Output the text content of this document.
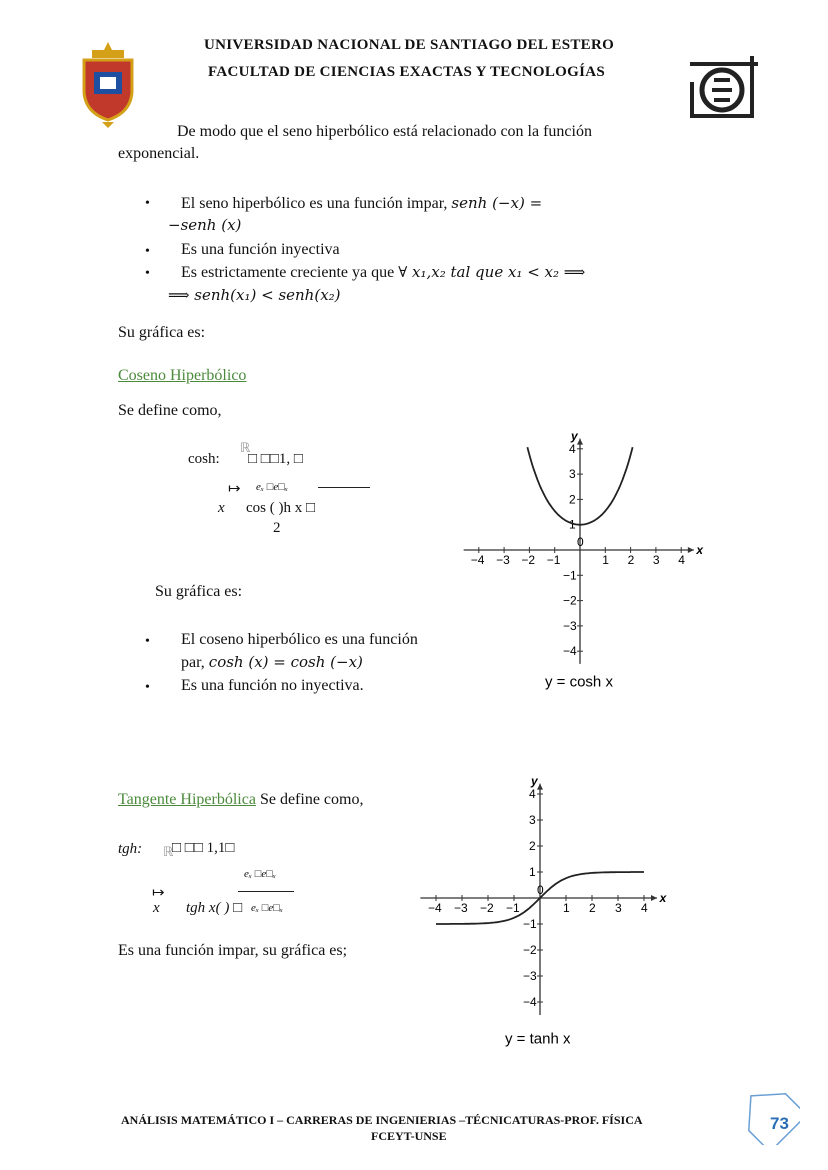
UNIVERSIDAD NACIONAL DE SANTIAGO DEL ESTERO
FACULTAD DE CIENCIAS EXACTAS Y TECNOLOGÍAS
De modo que el seno hiperbólico está relacionado con la función
exponencial.
• El seno hiperbólico es una función impar, senh (−x) =
−senh (x)
• Es una función inyectiva
• Es estrictamente creciente ya que ∀ x₁,x₂ tal que x₁ < x₂ ⟹
⟹ senh(x₁) < senh(x₂)
Su gráfica es:
Coseno Hiperbólico
Se define como,
cosh:
ℝ
□ □□1, □
↦ eₓ □e□ₓ
x cos ( )h x □
2
Su gráfica es:
• El coseno hiperbólico es una función
par, cosh (x) = cosh (−x)
• Es una función no inyectiva.
x
y
−4 −3 −2 −1
0
1 2 3 4
−4
−3
−2
−1
1
2
3
4
y = cosh x
Tangente Hiperbólica Se define como,
tgh: ℝ
□ □□ 1,1□
eₓ □e□ₓ
↦
x tgh x( ) □ eₓ □e□ₓ
Es una función impar, su gráfica es;
x
y
−4 −3 −2 −1
0
1 2 3 4
−4
−3
−2
−1
1
2
3
4
y = tanh x
ANÁLISIS MATEMÁTICO I – CARRERAS DE INGENIERIAS –TÉCNICATURAS-PROF. FÍSICA
FCEYT-UNSE
73
